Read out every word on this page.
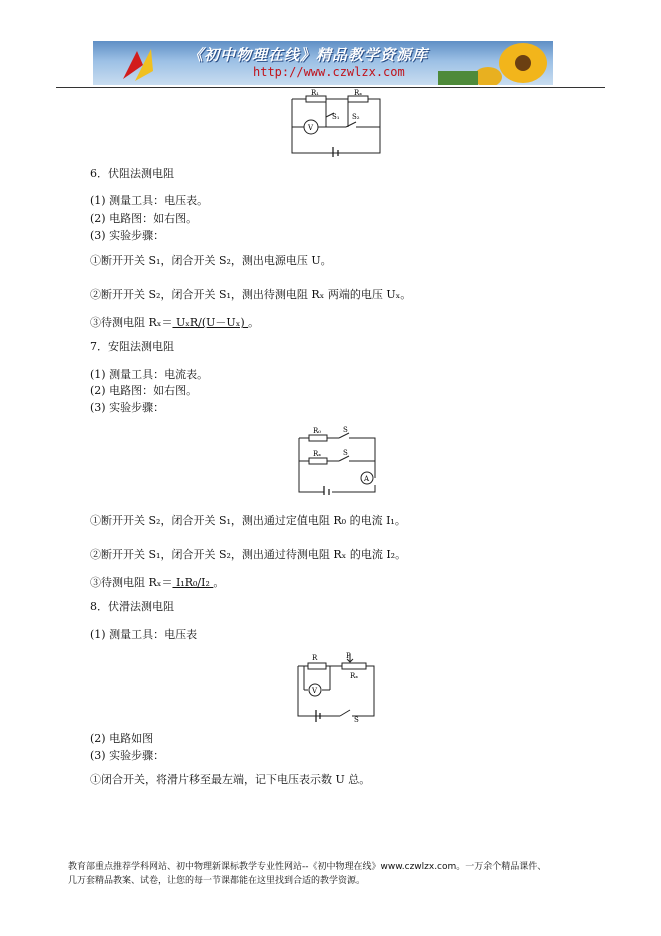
《初中物理在线》精品教学资源库
http://www.czwlzx.com
R₁	Rₓ
S₁ S₂
V
6．伏阻法测电阻
(1) 测量工具：电压表。
(2) 电路图：如右图。
(3) 实验步骤：
①断开开关 S₁，闭合开关 S₂，测出电源电压 U。
②断开开关 S₂，闭合开关 S₁，测出待测电阻 Rₓ 两端的电压 Uₓ。
③待测电阻 Rₓ＝ UₓR/(U－Uₓ) 。
7．安阻法测电阻
(1) 测量工具：电流表。
(2) 电路图：如右图。
(3) 实验步骤：
R₀
Rₓ
S
S
A
①断开开关 S₂，闭合开关 S₁，测出通过定值电阻 R₀ 的电流 I₁。
②断开开关 S₁，闭合开关 S₂，测出通过待测电阻 Rₓ 的电流 I₂。
③待测电阻 Rₓ＝ I₁R₀/I₂ 。
8．伏滑法测电阻
(1) 测量工具：电压表
R	P
Rₓ
S
V
(2) 电路如图
(3) 实验步骤：
①闭合开关，将滑片移至最左端，记下电压表示数 U 总。
教育部重点推荐学科网站、初中物理新课标教学专业性网站--《初中物理在线》www.czwlzx.com。一万余个精品课件、
几万套精品教案、试卷，让您的每一节课都能在这里找到合适的教学资源。
